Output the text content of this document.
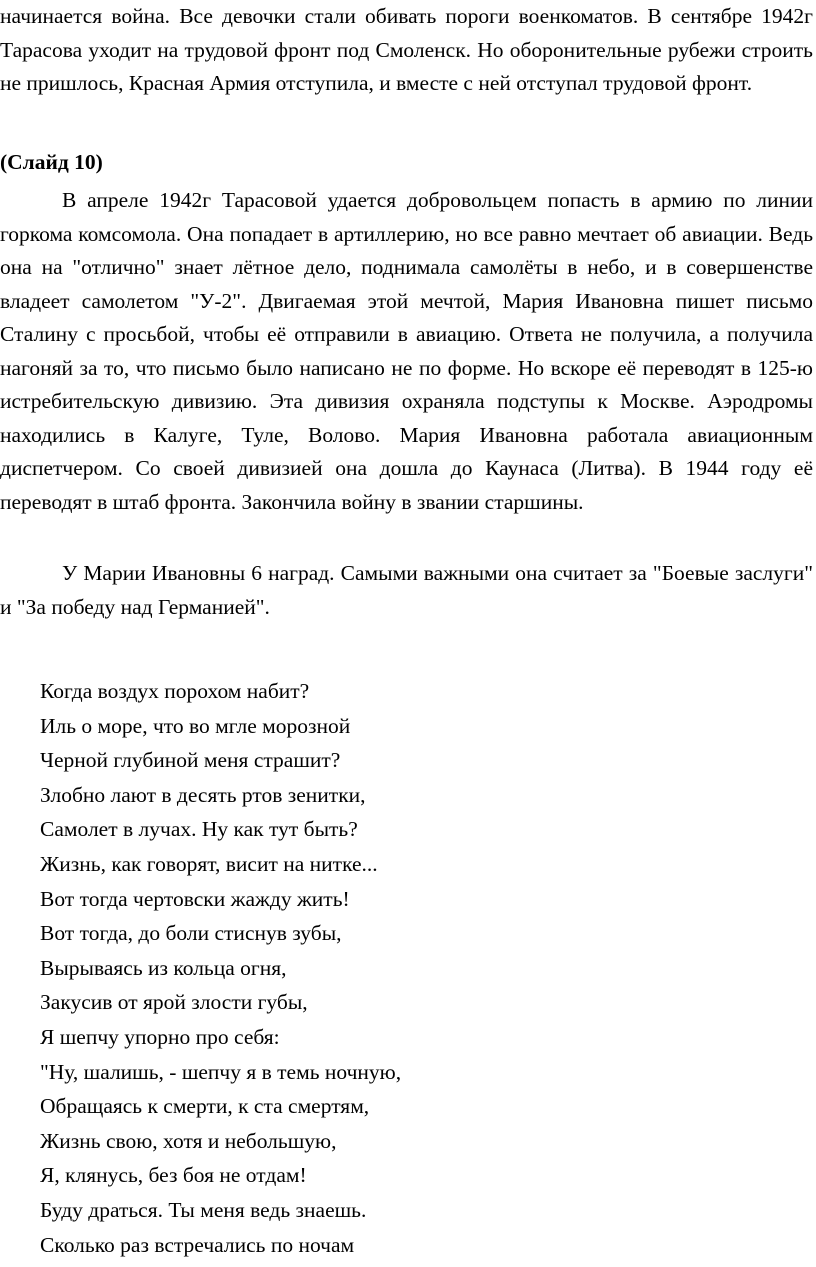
начинается война. Все девочки стали обивать пороги военкоматов. В сентябре 1942г Тарасова уходит на трудовой фронт под Смоленск. Но оборонительные рубежи строить не пришлось, Красная Армия отступила, и вместе с ней отступал трудовой фронт.

(Слайд 10)

В апреле 1942г Тарасовой удается добровольцем попасть в армию по линии горкома комсомола. Она попадает в артиллерию, но все равно мечтает об авиации. Ведь она на "отлично" знает лётное дело, поднимала самолёты в небо, и в совершенстве владеет самолетом "У-2". Двигаемая этой мечтой, Мария Ивановна пишет письмо Сталину с просьбой, чтобы её отправили в авиацию. Ответа не получила, а получила нагоняй за то, что письмо было написано не по форме. Но вскоре её переводят в 125-ю истребительскую дивизию. Эта дивизия охраняла подступы к Москве. Аэродромы находились в Калуге, Туле, Волово. Мария Ивановна работала авиационным диспетчером. Со своей дивизией она дошла до Каунаса (Литва). В 1944 году её переводят в штаб фронта. Закончила войну в звании старшины.

У Марии Ивановны 6 наград. Самыми важными она считает за "Боевые заслуги" и "За победу над Германией".

Когда воздух порохом набит?
Иль о море, что во мгле морозной
Черной глубиной меня страшит?
Злобно лают в десять ртов зенитки,
Самолет в лучах. Ну как тут быть?
Жизнь, как говорят, висит на нитке...
Вот тогда чертовски жажду жить!
Вот тогда, до боли стиснув зубы,
Вырываясь из кольца огня,
Закусив от ярой злости губы,
Я шепчу упорно про себя:
"Ну, шалишь, - шепчу я в темь ночную,
Обращаясь к смерти, к ста смертям,
Жизнь свою, хотя и небольшую,
Я, клянусь, без боя не отдам!
Буду драться. Ты меня ведь знаешь.
Сколько раз встречались по ночам
